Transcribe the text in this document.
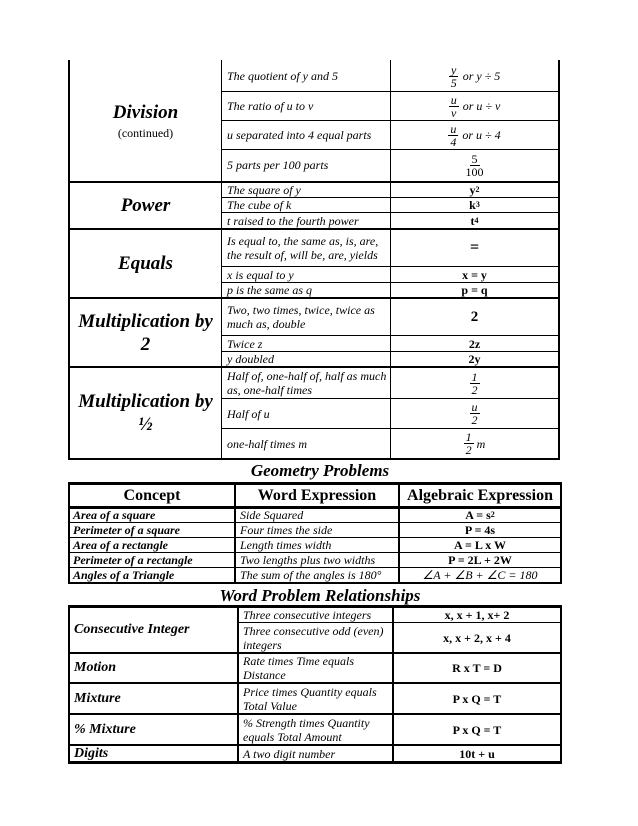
Division
(continued)
The quotient of y and 5	$\frac{y}{5}$ or y ÷ 5
The ratio of u to v	$\frac{u}{v}$ or u ÷ v
u separated into 4 equal parts	$\frac{u}{4}$ or u ÷ 4
5 parts per 100 parts	$\frac{5}{100}$
Power
The square of y	y 2
The cube of k	k 3
t raised to the fourth power	t 4
Equals
Is equal to, the same as, is, are, the result of, will be, are, yields	=
x is equal to y	x = y
p is the same as q	p = q
Multiplication by 2
Two, two times, twice, twice as much as, double	2
Twice z	2z
y doubled	2y
Multiplication by ½
Half of, one-half of, half as much as, one-half times	$\frac{1}{2}$
Half of u	$\frac{u}{2}$
one-half times m	$\frac{1}{2}$ m
Geometry Problems
Concept	Word Expression	Algebraic Expression
Area of a square	Side Squared	A = s 2
Perimeter of a square	Four times the side	P = 4s
Area of a rectangle	Length times width	A = L x W
Perimeter of a rectangle	Two lengths plus two widths	P = 2L + 2W
Angles of a Triangle	The sum of the angles is 180°	∠A + ∠B + ∠C = 180
Word Problem Relationships
Consecutive Integer
Three consecutive integers	x, x + 1, x+ 2
Three consecutive odd (even) integers	x, x + 2, x + 4
Motion	Rate times Time equals Distance	R x T = D
Mixture	Price times Quantity equals Total Value	P x Q = T
% Mixture	% Strength times Quantity equals Total Amount	P x Q = T
Digits	A two digit number	10t + u
